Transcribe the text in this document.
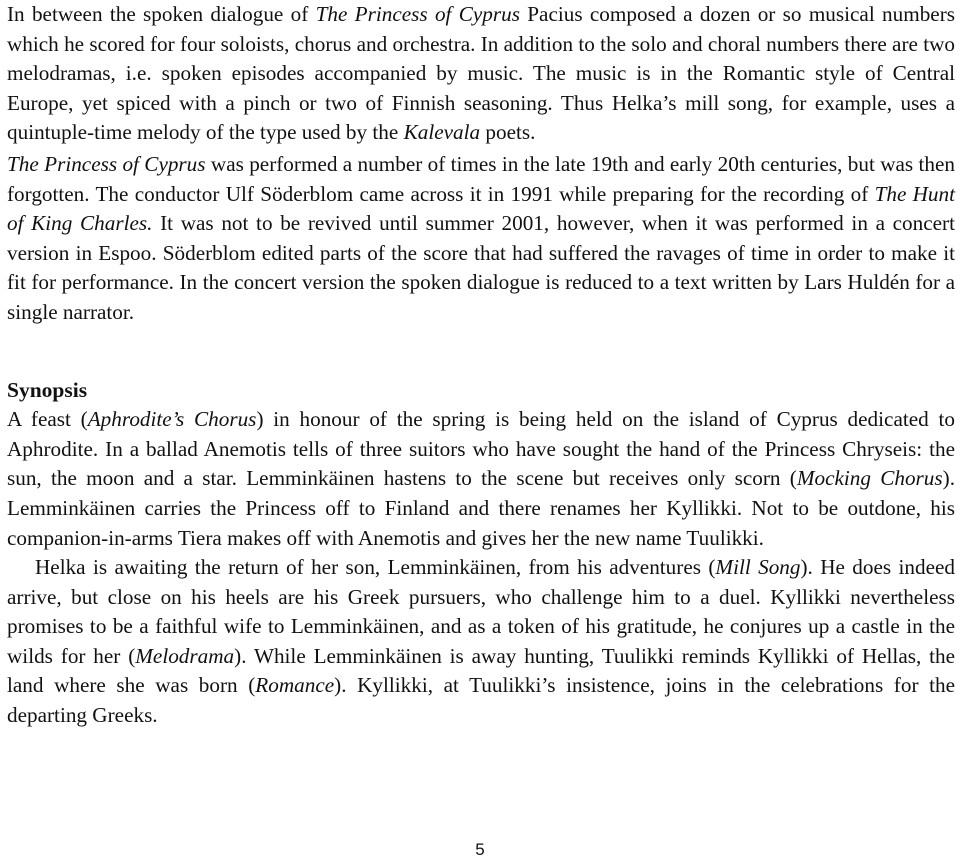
In between the spoken dialogue of The Princess of Cyprus Pacius composed a dozen or so musical numbers which he scored for four soloists, chorus and orchestra. In addition to the solo and choral numbers there are two melodramas, i.e. spoken episodes accompanied by music. The music is in the Romantic style of Central Europe, yet spiced with a pinch or two of Finnish seasoning. Thus Helka’s mill song, for example, uses a quintuple-time melody of the type used by the Kalevala poets.

The Princess of Cyprus was performed a number of times in the late 19th and early 20th centuries, but was then forgotten. The conductor Ulf Söderblom came across it in 1991 while preparing for the recording of The Hunt of King Charles. It was not to be revived until summer 2001, however, when it was performed in a concert version in Espoo. Söderblom edited parts of the score that had suffered the ravages of time in order to make it fit for performance. In the concert version the spoken dialogue is reduced to a text written by Lars Huldén for a single narrator.

Synopsis

A feast (Aphrodite’s Chorus) in honour of the spring is being held on the island of Cyprus dedicated to Aphrodite. In a ballad Anemotis tells of three suitors who have sought the hand of the Princess Chryseis: the sun, the moon and a star. Lemminkäinen hastens to the scene but receives only scorn (Mocking Chorus). Lemminkäinen carries the Princess off to Finland and there renames her Kyllikki. Not to be outdone, his companion-in-arms Tiera makes off with Anemotis and gives her the new name Tuulikki.

Helka is awaiting the return of her son, Lemminkäinen, from his adventures (Mill Song). He does indeed arrive, but close on his heels are his Greek pursuers, who challenge him to a duel. Kyllikki nevertheless promises to be a faithful wife to Lemminkäinen, and as a token of his gratitude, he conjures up a castle in the wilds for her (Melodrama). While Lemminkäinen is away hunting, Tuulikki reminds Kyllikki of Hellas, the land where she was born (Romance). Kyllikki, at Tuulikki’s insistence, joins in the celebrations for the departing Greeks.

5
